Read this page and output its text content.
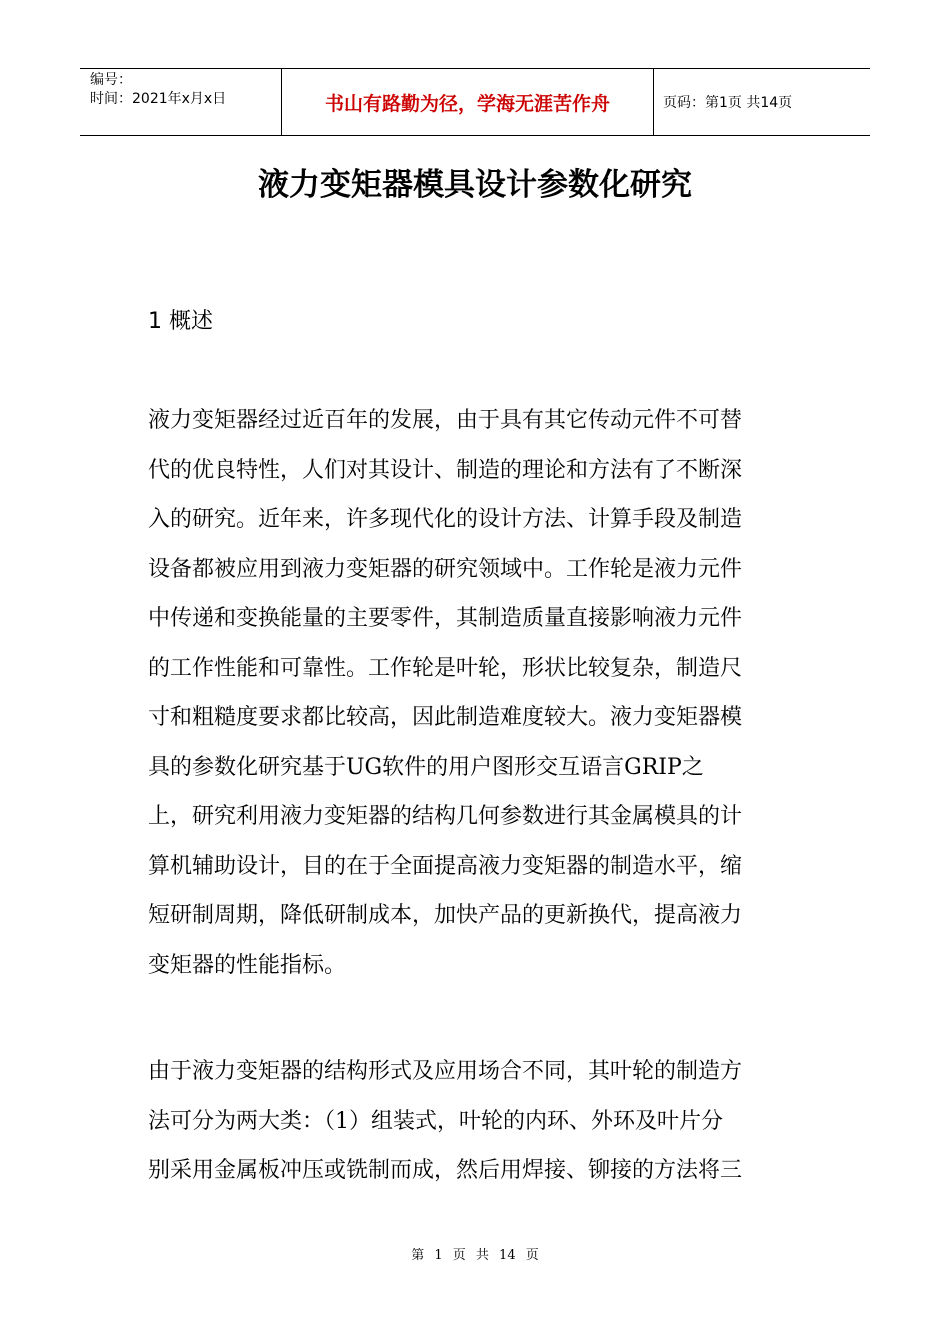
编号：
时间：2021年x月x日	书山有路勤为径，学海无涯苦作舟	页码：第1页 共14页
液力变矩器模具设计参数化研究
1 概述
液力变矩器经过近百年的发展，由于具有其它传动元件不可替
代的优良特性，人们对其设计、制造的理论和方法有了不断深
入的研究。近年来，许多现代化的设计方法、计算手段及制造
设备都被应用到液力变矩器的研究领域中。工作轮是液力元件
中传递和变换能量的主要零件，其制造质量直接影响液力元件
的工作性能和可靠性。工作轮是叶轮，形状比较复杂，制造尺
寸和粗糙度要求都比较高，因此制造难度较大。液力变矩器模
具的参数化研究基于UG软件的用户图形交互语言GRIP之
上，研究利用液力变矩器的结构几何参数进行其金属模具的计
算机辅助设计，目的在于全面提高液力变矩器的制造水平，缩
短研制周期，降低研制成本，加快产品的更新换代，提高液力
变矩器的性能指标。
由于液力变矩器的结构形式及应用场合不同，其叶轮的制造方
法可分为两大类：（1）组装式，叶轮的内环、外环及叶片分
别采用金属板冲压或铣制而成，然后用焊接、铆接的方法将三
第 1 页 共 14 页
